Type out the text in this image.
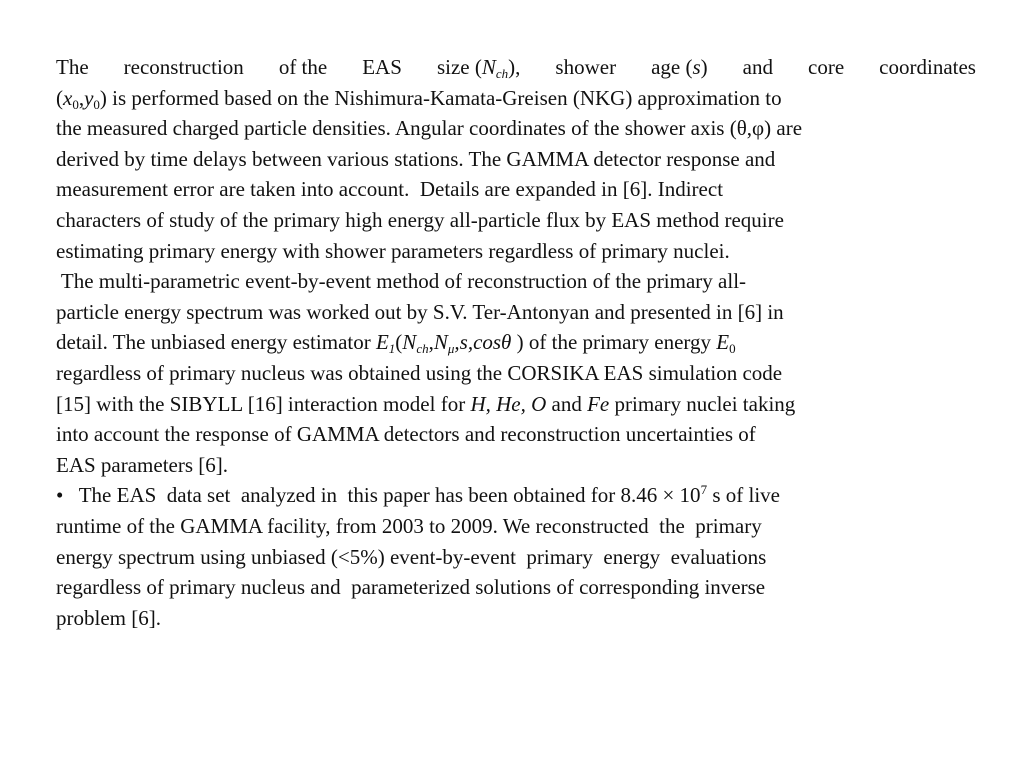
The reconstruction of the EAS size $(N_{ch})$, shower age (s) and core coordinates
$(x_0,y_0)$ is performed based on the Nishimura-Kamata-Greisen (NKG) approximation to
the measured charged particle densities. Angular coordinates of the shower axis (θ,φ) are
derived by time delays between various stations. The GAMMA detector response and
measurement error are taken into account.  Details are expanded in [6]. Indirect
characters of study of the primary high energy all-particle flux by EAS method require
estimating primary energy with shower parameters regardless of primary nuclei.
The multi-parametric event-by-event method of reconstruction of the primary all-
particle energy spectrum was worked out by S.V. Ter-Antonyan and presented in [6] in
detail. The unbiased energy estimator $E_1(N_{ch},N_\mu,s,\cos\theta$ ) of the primary energy $E_0$
regardless of primary nucleus was obtained using the CORSIKA EAS simulation code
[15] with the SIBYLL [16] interaction model for H, He, O and Fe primary nuclei taking
into account the response of GAMMA detectors and reconstruction uncertainties of
EAS parameters [6].
•   The EAS  data set  analyzed in  this paper has been obtained for $8.46 \times 10^7$ s of live
runtime of the GAMMA facility, from 2003 to 2009. We reconstructed  the  primary
energy spectrum using unbiased (<5%) event-by-event  primary  energy  evaluations
regardless of primary nucleus and  parameterized solutions of corresponding inverse
problem [6].
